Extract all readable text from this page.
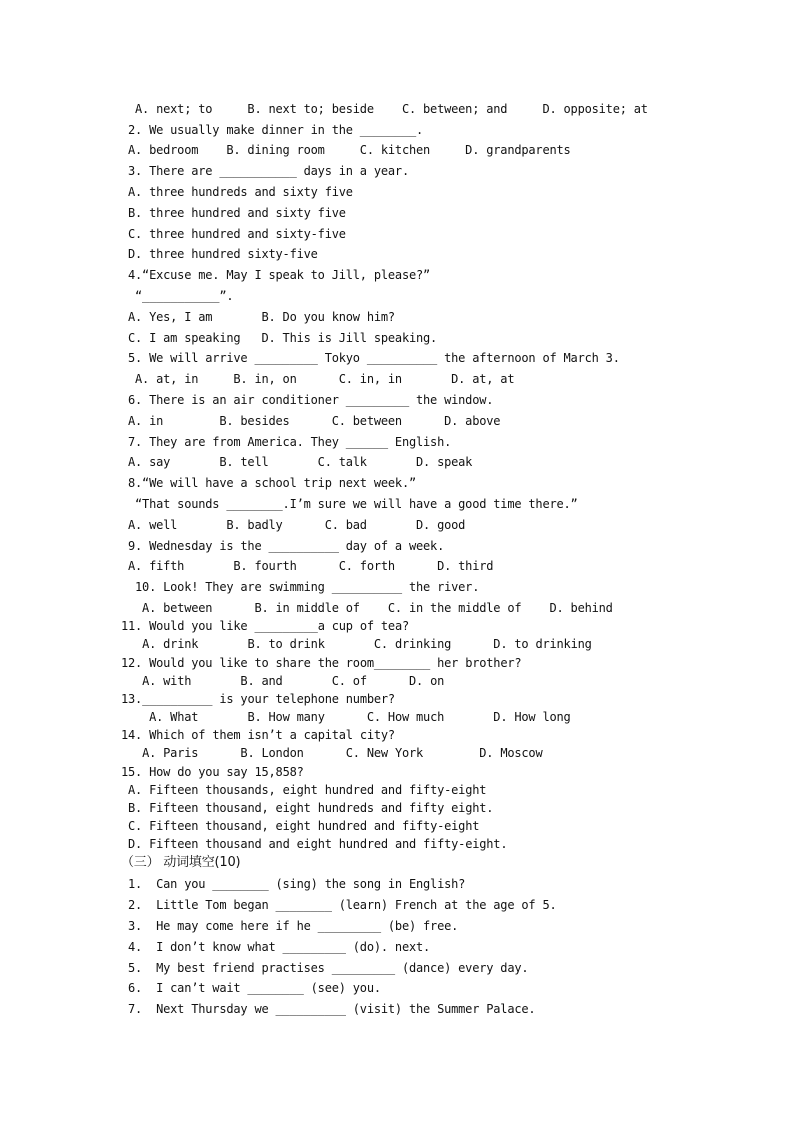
A. next; to     B. next to; beside    C. between; and     D. opposite; at
2. We usually make dinner in the ________.
A. bedroom    B. dining room     C. kitchen     D. grandparents
3. There are ___________ days in a year.
A. three hundreds and sixty five
B. three hundred and sixty five
C. three hundred and sixty-five
D. three hundred sixty-five
4.“Excuse me. May I speak to Jill, please?”
“___________”.
A. Yes, I am       B. Do you know him?
C. I am speaking   D. This is Jill speaking.
5. We will arrive _________ Tokyo __________ the afternoon of March 3.
A. at, in     B. in, on      C. in, in       D. at, at
6. There is an air conditioner _________ the window.
A. in        B. besides      C. between      D. above
7. They are from America. They ______ English.
A. say       B. tell       C. talk       D. speak
8.“We will have a school trip next week.”
“That sounds ________.I’m sure we will have a good time there.”
A. well       B. badly      C. bad       D. good
9. Wednesday is the __________ day of a week.
A. fifth       B. fourth      C. forth      D. third
10. Look! They are swimming __________ the river.
A. between      B. in middle of    C. in the middle of    D. behind
11. Would you like _________a cup of tea?
A. drink       B. to drink       C. drinking      D. to drinking
12. Would you like to share the room________ her brother?
A. with       B. and       C. of      D. on
13.__________ is your telephone number?
A. What       B. How many      C. How much       D. How long
14. Which of them isn’t a capital city?
A. Paris      B. London      C. New York        D. Moscow
15. How do you say 15,858?
A. Fifteen thousands, eight hundred and fifty-eight
B. Fifteen thousand, eight hundreds and fifty eight.
C. Fifteen thousand, eight hundred and fifty-eight
D. Fifteen thousand and eight hundred and fifty-eight.
（三） 动词填空(10)
1.  Can you ________ (sing) the song in English?
2.  Little Tom began ________ (learn) French at the age of 5.
3.  He may come here if he _________ (be) free.
4.  I don’t know what _________ (do). next.
5.  My best friend practises _________ (dance) every day.
6.  I can’t wait ________ (see) you.
7.  Next Thursday we __________ (visit) the Summer Palace.
